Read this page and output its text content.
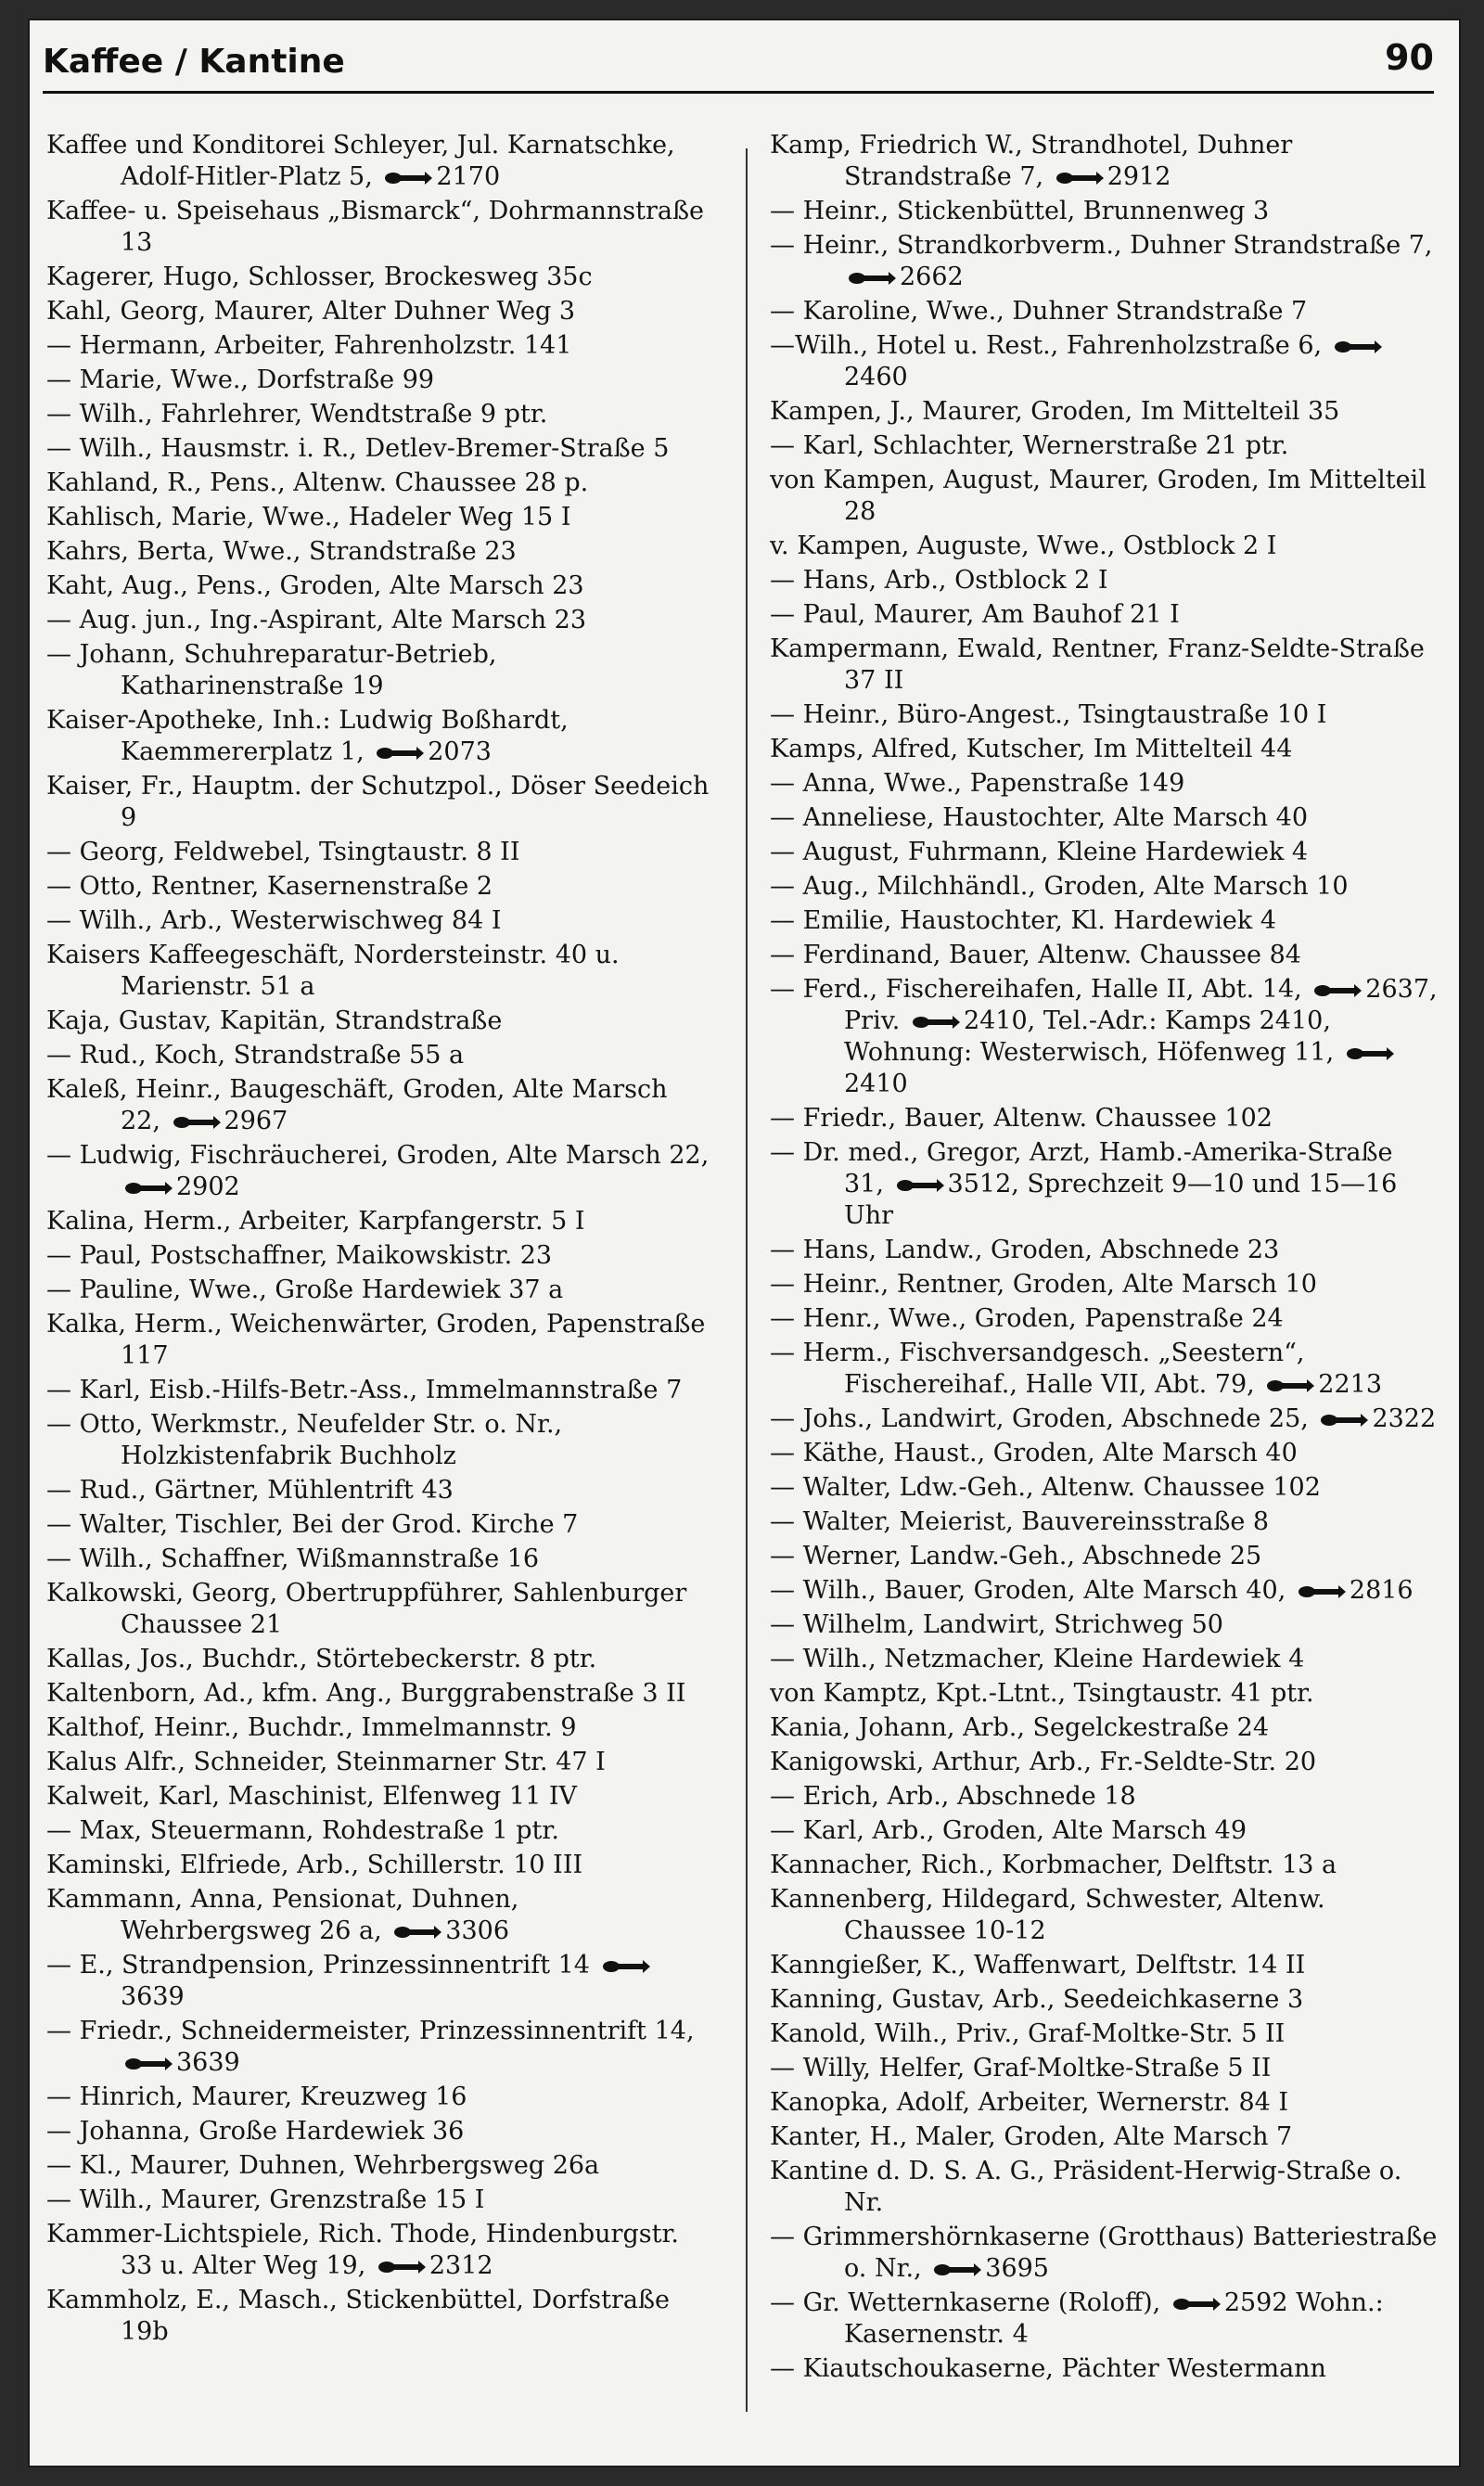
Kaffee / Kantine	90

Kaffee und Konditorei Schleyer, Jul. Karnatschke, Adolf-Hitler-Platz 5, 2170

Kaffee- u. Speisehaus „Bismarck“, Dohrmannstraße 13

Kagerer, Hugo, Schlosser, Brockesweg 35c

Kahl, Georg, Maurer, Alter Duhner Weg 3

— Hermann, Arbeiter, Fahrenholzstr. 141

— Marie, Wwe., Dorfstraße 99

— Wilh., Fahrlehrer, Wendtstraße 9 ptr.

— Wilh., Hausmstr. i. R., Detlev-Bremer-Straße 5

Kahland, R., Pens., Altenw. Chaussee 28 p.

Kahlisch, Marie, Wwe., Hadeler Weg 15 I

Kahrs, Berta, Wwe., Strandstraße 23

Kaht, Aug., Pens., Groden, Alte Marsch 23

— Aug. jun., Ing.-Aspirant, Alte Marsch 23

— Johann, Schuhreparatur-Betrieb, Katharinenstraße 19

Kaiser-Apotheke, Inh.: Ludwig Boßhardt, Kaemmererplatz 1, 2073

Kaiser, Fr., Hauptm. der Schutzpol., Döser Seedeich 9

— Georg, Feldwebel, Tsingtaustr. 8 II

— Otto, Rentner, Kasernenstraße 2

— Wilh., Arb., Westerwischweg 84 I

Kaisers Kaffeegeschäft, Nordersteinstr. 40 u. Marienstr. 51 a

Kaja, Gustav, Kapitän, Strandstraße

— Rud., Koch, Strandstraße 55 a

Kaleß, Heinr., Baugeschäft, Groden, Alte Marsch 22, 2967

— Ludwig, Fischräucherei, Groden, Alte Marsch 22, 2902

Kalina, Herm., Arbeiter, Karpfangerstr. 5 I

— Paul, Postschaffner, Maikowskistr. 23

— Pauline, Wwe., Große Hardewiek 37 a

Kalka, Herm., Weichenwärter, Groden, Papenstraße 117

— Karl, Eisb.-Hilfs-Betr.-Ass., Immelmannstraße 7

— Otto, Werkmstr., Neufelder Str. o. Nr., Holzkistenfabrik Buchholz

— Rud., Gärtner, Mühlentrift 43

— Walter, Tischler, Bei der Grod. Kirche 7

— Wilh., Schaffner, Wißmannstraße 16

Kalkowski, Georg, Obertruppführer, Sahlenburger Chaussee 21

Kallas, Jos., Buchdr., Störtebeckerstr. 8 ptr.

Kaltenborn, Ad., kfm. Ang., Burggrabenstraße 3 II

Kalthof, Heinr., Buchdr., Immelmannstr. 9

Kalus Alfr., Schneider, Steinmarner Str. 47 I

Kalweit, Karl, Maschinist, Elfenweg 11 IV

— Max, Steuermann, Rohdestraße 1 ptr.

Kaminski, Elfriede, Arb., Schillerstr. 10 III

Kammann, Anna, Pensionat, Duhnen, Wehrbergsweg 26 a, 3306

— E., Strandpension, Prinzessinnentrift 14 3639

— Friedr., Schneidermeister, Prinzessinnentrift 14, 3639

— Hinrich, Maurer, Kreuzweg 16

— Johanna, Große Hardewiek 36

— Kl., Maurer, Duhnen, Wehrbergsweg 26a

— Wilh., Maurer, Grenzstraße 15 I

Kammer-Lichtspiele, Rich. Thode, Hindenburgstr. 33 u. Alter Weg 19, 2312

Kammholz, E., Masch., Stickenbüttel, Dorfstraße 19b

Kamp, Friedrich W., Strandhotel, Duhner Strandstraße 7, 2912

— Heinr., Stickenbüttel, Brunnenweg 3

— Heinr., Strandkorbverm., Duhner Strandstraße 7, 2662

— Karoline, Wwe., Duhner Strandstraße 7

—Wilh., Hotel u. Rest., Fahrenholzstraße 6, 2460

Kampen, J., Maurer, Groden, Im Mittelteil 35

— Karl, Schlachter, Wernerstraße 21 ptr.

von Kampen, August, Maurer, Groden, Im Mittelteil 28

v. Kampen, Auguste, Wwe., Ostblock 2 I

— Hans, Arb., Ostblock 2 I

— Paul, Maurer, Am Bauhof 21 I

Kampermann, Ewald, Rentner, Franz-Seldte-Straße 37 II

— Heinr., Büro-Angest., Tsingtaustraße 10 I

Kamps, Alfred, Kutscher, Im Mittelteil 44

— Anna, Wwe., Papenstraße 149

— Anneliese, Haustochter, Alte Marsch 40

— August, Fuhrmann, Kleine Hardewiek 4

— Aug., Milchhändl., Groden, Alte Marsch 10

— Emilie, Haustochter, Kl. Hardewiek 4

— Ferdinand, Bauer, Altenw. Chaussee 84

— Ferd., Fischereihafen, Halle II, Abt. 14, 2637, Priv. 2410, Tel.-Adr.: Kamps 2410, Wohnung: Westerwisch, Höfenweg 11, 2410

— Friedr., Bauer, Altenw. Chaussee 102

— Dr. med., Gregor, Arzt, Hamb.-Amerika-Straße 31, 3512, Sprechzeit 9—10 und 15—16 Uhr

— Hans, Landw., Groden, Abschnede 23

— Heinr., Rentner, Groden, Alte Marsch 10

— Henr., Wwe., Groden, Papenstraße 24

— Herm., Fischversandgesch. „Seestern“, Fischereihaf., Halle VII, Abt. 79, 2213

— Johs., Landwirt, Groden, Abschnede 25, 2322

— Käthe, Haust., Groden, Alte Marsch 40

— Walter, Ldw.-Geh., Altenw. Chaussee 102

— Walter, Meierist, Bauvereinsstraße 8

— Werner, Landw.-Geh., Abschnede 25

— Wilh., Bauer, Groden, Alte Marsch 40, 2816

— Wilhelm, Landwirt, Strichweg 50

— Wilh., Netzmacher, Kleine Hardewiek 4

von Kamptz, Kpt.-Ltnt., Tsingtaustr. 41 ptr.

Kania, Johann, Arb., Segelckestraße 24

Kanigowski, Arthur, Arb., Fr.-Seldte-Str. 20

— Erich, Arb., Abschnede 18

— Karl, Arb., Groden, Alte Marsch 49

Kannacher, Rich., Korbmacher, Delftstr. 13 a

Kannenberg, Hildegard, Schwester, Altenw. Chaussee 10-12

Kanngießer, K., Waffenwart, Delftstr. 14 II

Kanning, Gustav, Arb., Seedeichkaserne 3

Kanold, Wilh., Priv., Graf-Moltke-Str. 5 II

— Willy, Helfer, Graf-Moltke-Straße 5 II

Kanopka, Adolf, Arbeiter, Wernerstr. 84 I

Kanter, H., Maler, Groden, Alte Marsch 7

Kantine d. D. S. A. G., Präsident-Herwig-Straße o. Nr.

— Grimmershörnkaserne (Grotthaus) Batteriestraße o. Nr., 3695

— Gr. Wetternkaserne (Roloff), 2592 Wohn.: Kasernenstr. 4

— Kiautschoukaserne, Pächter Westermann
